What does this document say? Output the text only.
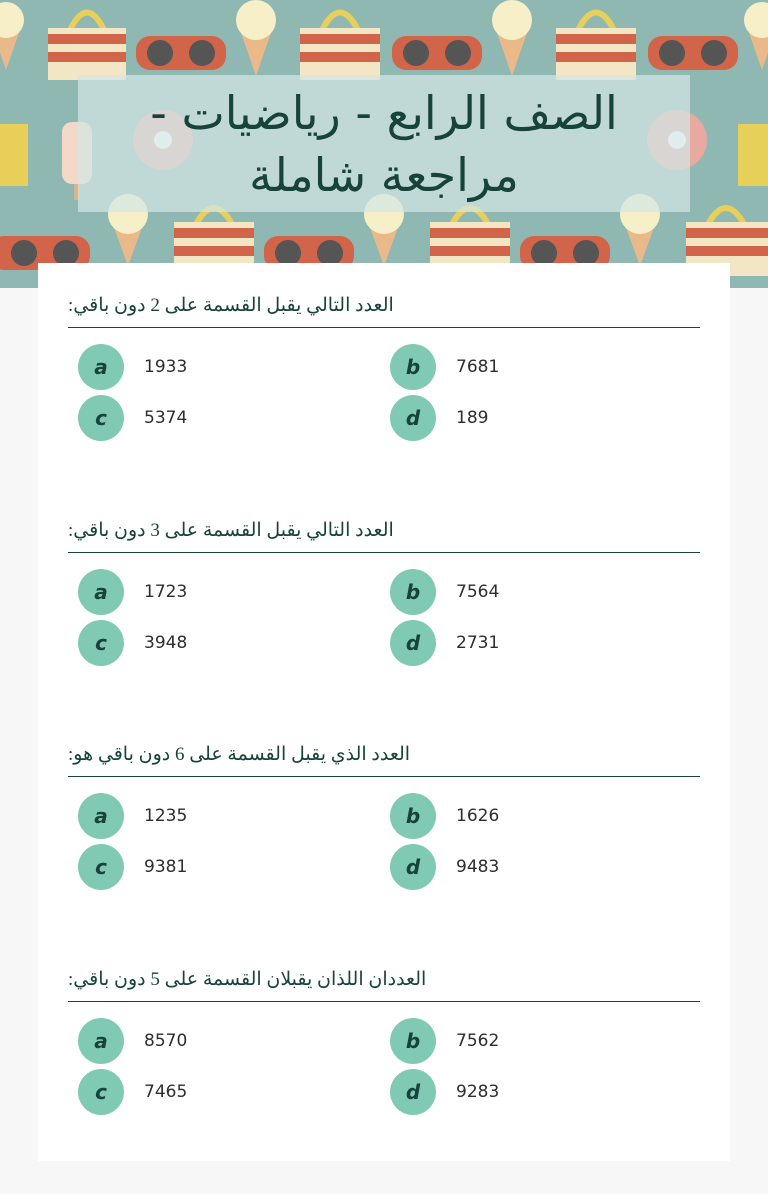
الصف الرابع - رياضيات - مراجعة شاملة
العدد التالي يقبل القسمة على 2 دون باقي:
a	1933	b	7681
c	5374	d	189
العدد التالي يقبل القسمة على 3 دون باقي:
a	1723	b	7564
c	3948	d	2731
العدد الذي يقبل القسمة على 6 دون باقي هو:
a	1235	b	1626
c	9381	d	9483
العددان اللذان يقبلان القسمة على 5 دون باقي:
a	8570	b	7562
c	7465	d	9283
